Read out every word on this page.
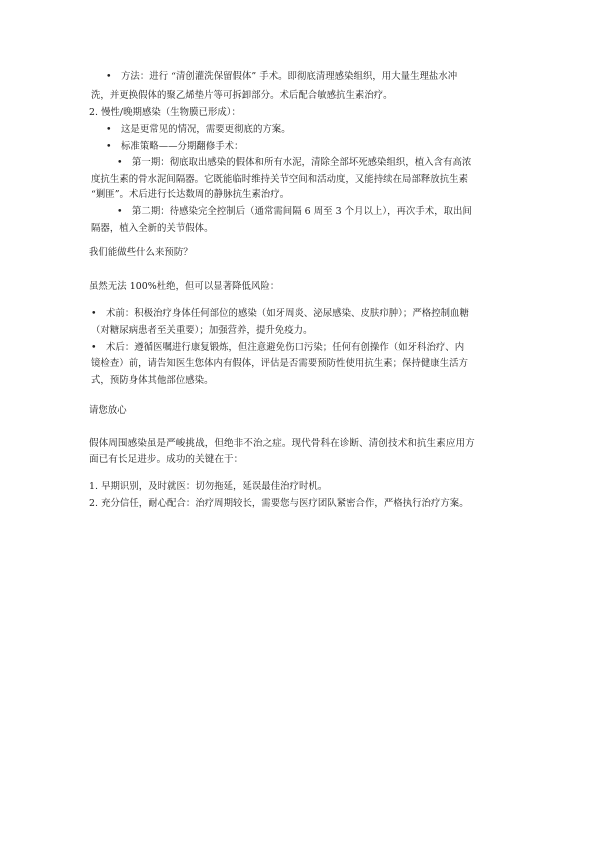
•　方法：进行 “清创灌洗保留假体” 手术。即彻底清理感染组织，用大量生理盐水冲

洗，并更换假体的聚乙烯垫片等可拆卸部分。术后配合敏感抗生素治疗。

2. 慢性/晚期感染（生物膜已形成）：

•　这是更常见的情况，需要更彻底的方案。

•　标准策略——分期翻修手术：

•　第一期：彻底取出感染的假体和所有水泥，清除全部坏死感染组织，植入含有高浓

度抗生素的骨水泥间隔器。它既能临时维持关节空间和活动度，又能持续在局部释放抗生素

“剿匪”。术后进行长达数周的静脉抗生素治疗。

•　第二期：待感染完全控制后（通常需间隔 6 周至 3 个月以上），再次手术，取出间

隔器，植入全新的关节假体。

我们能做些什么来预防？

虽然无法 100%杜绝，但可以显著降低风险：

•　术前：积极治疗身体任何部位的感染（如牙周炎、泌尿感染、皮肤疖肿）；严格控制血糖

（对糖尿病患者至关重要）；加强营养，提升免疫力。

•　术后：遵循医嘱进行康复锻炼，但注意避免伤口污染；任何有创操作（如牙科治疗、内

镜检查）前，请告知医生您体内有假体，评估是否需要预防性使用抗生素；保持健康生活方

式，预防身体其他部位感染。

请您放心

假体周围感染虽是严峻挑战，但绝非不治之症。现代骨科在诊断、清创技术和抗生素应用方

面已有长足进步。成功的关键在于：

1. 早期识别，及时就医：切勿拖延，延误最佳治疗时机。

2. 充分信任，耐心配合：治疗周期较长，需要您与医疗团队紧密合作，严格执行治疗方案。
